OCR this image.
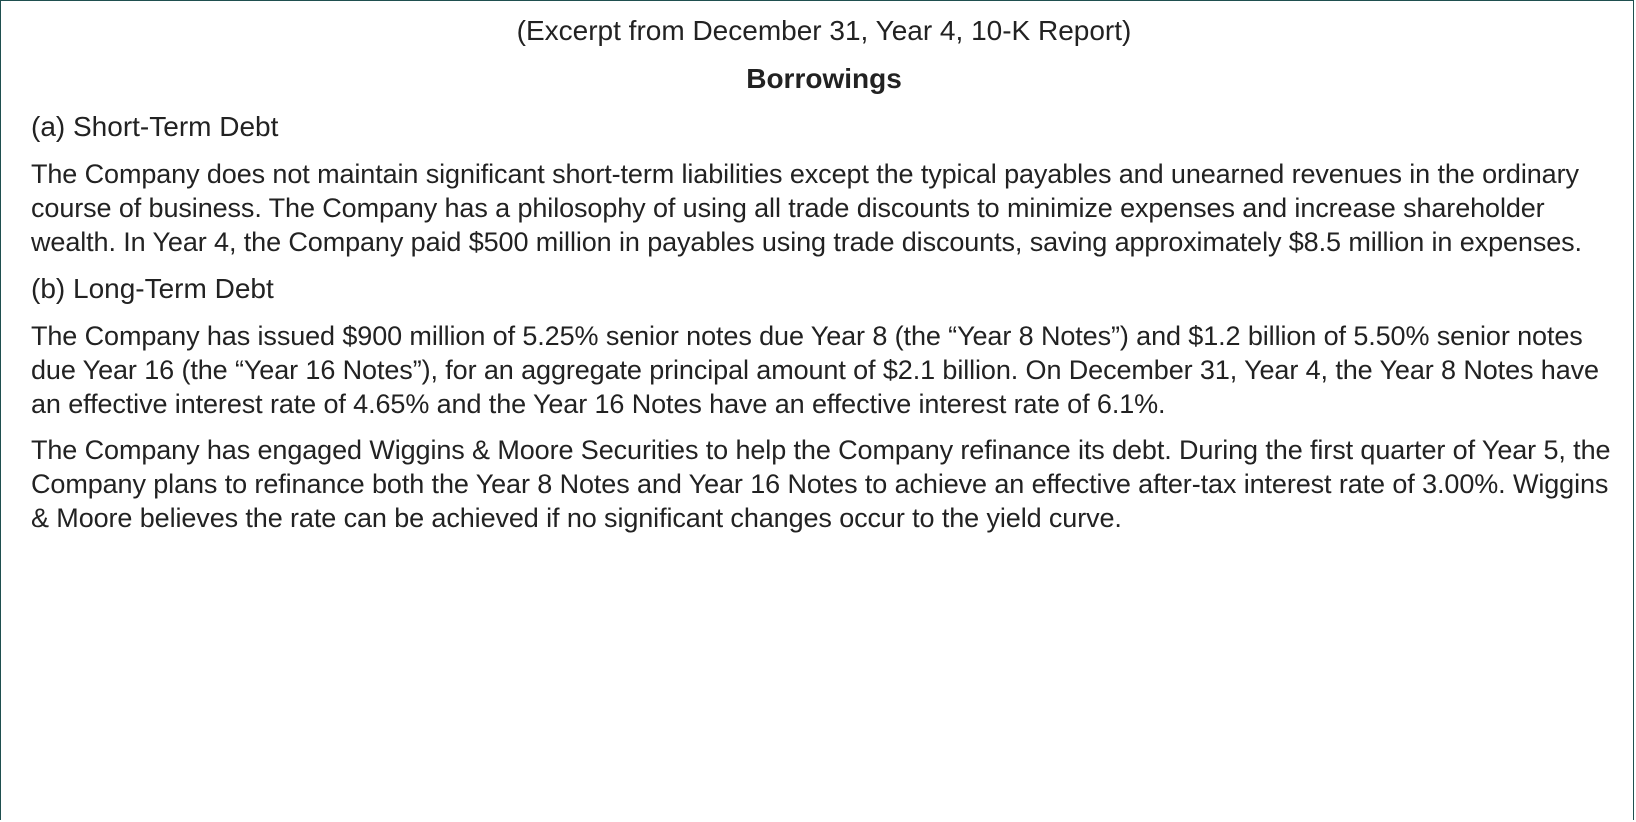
(Excerpt from December 31, Year 4, 10-K Report)
Borrowings
(a) Short-Term Debt

The Company does not maintain significant short-term liabilities except the typical payables and unearned revenues in the ordinary course of business. The Company has a philosophy of using all trade discounts to minimize expenses and increase shareholder wealth. In Year 4, the Company paid $500 million in payables using trade discounts, saving approximately $8.5 million in expenses.

(b) Long-Term Debt

The Company has issued $900 million of 5.25% senior notes due Year 8 (the “Year 8 Notes”) and $1.2 billion of 5.50% senior notes due Year 16 (the “Year 16 Notes”), for an aggregate principal amount of $2.1 billion. On December 31, Year 4, the Year 8 Notes have an effective interest rate of 4.65% and the Year 16 Notes have an effective interest rate of 6.1%.

The Company has engaged Wiggins & Moore Securities to help the Company refinance its debt. During the first quarter of Year 5, the Company plans to refinance both the Year 8 Notes and Year 16 Notes to achieve an effective after-tax interest rate of 3.00%. Wiggins & Moore believes the rate can be achieved if no significant changes occur to the yield curve.
